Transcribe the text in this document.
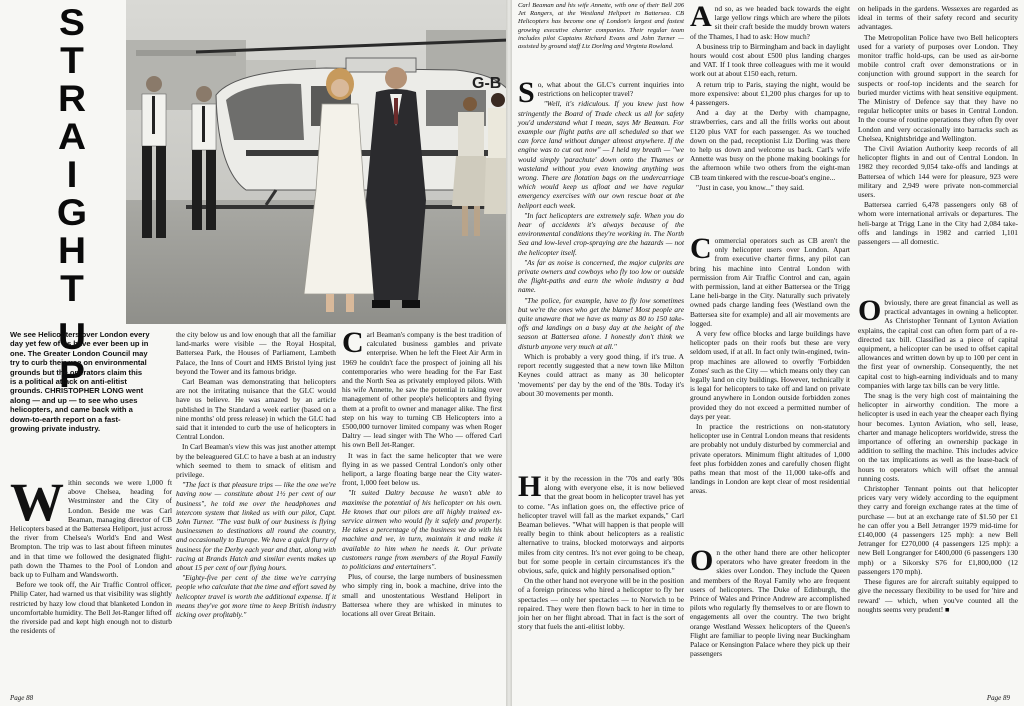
S
T
R
A
I
G
H
T
U
P
G-B
We see Helicopters over London every day yet few of us have ever been up in one. The Greater London Council may try to curb their use on environmental grounds but the operators claim this is a political attack on anti-elitist grounds. CHRISTOPHER LONG went along — and up — to see who uses helicopters, and came back with a down-to-earth report on a fast-growing private industry.
W ithin seconds we were 1,000 ft above Chelsea, heading for Westminster and the City of London. Beside me was Carl Beaman, managing director of CB Helicopters based at the Battersea Heliport, just across the river from Chelsea's World's End and West Brompton. The trip was to last about fifteen minutes and in that time we followed the designated flight-path down the Thames to the Pool of London and back up to Fulham and Wandsworth.

Before we took off, the Air Traffic Control officer, Philip Cater, had warned us that visibility was slightly restricted by hazy low cloud that blanketed London in uncomfortable humidity. The Bell Jet-Ranger lifted off the riverside pad and kept high enough not to disturb the residents of

the city below us and low enough that all the familiar land-marks were visible — the Royal Hospital, Battersea Park, the Houses of Parliament, Lambeth Palace, the Inns of Court and HMS Bristol lying just beyond the Tower and its famous bridge.

Carl Beaman was demonstrating that helicopters are not the irritating nuisance that the GLC would have us believe. He was amazed by an article published in The Standard a week earlier (based on a nine months' old press release) in which the GLC had said that it intended to curb the use of helicopters in Central London.

In Carl Beaman's view this was just another attempt by the beleaguered GLC to have a bash at an industry which seemed to them to smack of elitism and privilege.

"The fact is that pleasure trips — like the one we're having now — constitute about 1½ per cent of our business", he told me over the headphones and intercom system that linked us with our pilot, Capt. John Turner. "The vast bulk of our business is flying businessmen to destinations all round the country, and occasionally to Europe. We have a quick flurry of business for the Derby each year and that, along with racing at Brands Hatch and similar events makes up about 15 per cent of our flying hours.

"Eighty-five per cent of the time we're carrying people who calculate that the time and effort saved by helicopter travel is worth the additional expense. If it means they've got more time to keep British industry ticking over profitably."

C arl Beaman's company is the best tradition of calculated business gambles and private enterprise. When he left the Fleet Air Arm in 1969 he couldn't face the prospect of joining all his contemporaries who were heading for the Far East and the North Sea as privately employed pilots. With his wife Annette, he saw the potential in taking over management of other people's helicopters and flying them at a profit to owner and manager alike. The first step on his way to turning CB Helicopters into a £500,000 turnover limited company was when Roger Daltry — lead singer with The Who — offered Carl his own Bell Jet-Ranger.

It was in fact the same helicopter that we were flying in as we passed Central London's only other heliport, a large floating barge near the City water-front, 1,000 feet below us.

"It suited Daltry because he wasn't able to maximise the potential of his helicopter on his own. He knows that our pilots are all highly trained ex-service airmen who would fly it safely and properly. He takes a percentage of the business we do with his machine and we, in turn, maintain it and make it available to him when he needs it. Our private customers range from members of the Royal Family to politicians and entertainers".

Plus, of course, the large numbers of businessmen who simply ring in, book a machine, drive into the small and unostentatious Westland Heliport in Battersea where they are whisked in minutes to locations all over Great Britain.

Page 88
Carl Beaman and his wife Annette, with one of their Bell 206 Jet Rangers, at the Westland Heliport in Battersea. CB Helicopters has become one of London's largest and fastest growing executive charter companies. Their regular team includes pilot Captains Richard Evans and John Turner — assisted by ground staff Liz Dorling and Virginia Rowland.
S o, what about the GLC's current inquiries into restrictions on helicopter travel?

"Well, it's ridiculous. If you knew just how stringently the Board of Trade check us all for safety you'd understand what I mean, says Mr Beaman. For example our flight paths are all scheduled so that we can force land without danger almost anywhere. If the engine was to cut out now" — I held my breath — "we would simply 'parachute' down onto the Thames or wasteland without you even knowing anything was wrong. There are flotation bags on the undercarriage which would keep us afloat and we have regular emergency exercises with our own rescue boat at the heliport each week.

"In fact helicopters are extremely safe. When you do hear of accidents it's always because of the environmental conditions they're working in. The North Sea and low-level crop-spraying are the hazards — not the helicopter itself.

"As far as noise is concerned, the major culprits are private owners and cowboys who fly too low or outside the flight-paths and earn the whole industry a bad name.

"The police, for example, have to fly low sometimes but we're the ones who get the blame! Most people are quite unaware that we have as many as 80 to 150 take-offs and landings on a busy day at the height of the season at Battersea alone. I honestly don't think we disturb anyone very much at all."

Which is probably a very good thing, if it's true. A report recently suggested that a new town like Milton Keynes could attract as many as 30 helicopter 'movements' per day by the end of the '80s. Today it's about 30 movements per month.

H it by the recession in the '70s and early '80s along with everyone else, it is now believed that the great boom in helicopter travel has yet to come. "As inflation goes on, the effective price of helicopter travel will fall as the market expands," Carl Beaman believes. "What will happen is that people will really begin to think about helicopters as a realistic alternative to trains, blocked motorways and airports miles from city centres. It's not ever going to be cheap, but for some people in certain circumstances it's the obvious, safe, quick and highly personalised option."

On the other hand not everyone will be in the position of a foreign princess who hired a helicopter to fly her spectacles — only her spectacles — to Norwich to be repaired. They were then flown back to her in time to join her on her flight abroad. That in fact is the sort of story that fuels the anti-elitist lobby.

A nd so, as we headed back towards the eight large yellow rings which are where the pilots sit their craft beside the muddy brown waters of the Thames, I had to ask: How much?

A business trip to Birmingham and back in daylight hours would cost about £500 plus landing charges and VAT. If I took three colleagues with me it would work out at about £150 each, return.

A return trip to Paris, staying the night, would be more expensive: about £1,200 plus charges for up to 4 passengers.

And a day at the Derby with champagne, strawberries, cars and all the frills works out about £120 plus VAT for each passenger. As we touched down on the pad, receptionist Liz Dorling was there to help us down and welcome us back. Carl's wife Annette was busy on the phone making bookings for the afternoon while two others from the eight-man CB team tinkered with the rescue-boat's engine...

"Just in case, you know..." they said.

C ommercial operators such as CB aren't the only helicopter users over London. Apart from executive charter firms, any pilot can bring his machine into Central London with permission from Air Traffic Control and can, again with permission, land at either Battersea or the Trigg Lane heli-barge in the City. Naturally such privately owned pads charge landing fees (Westland own the Battersea site for example) and all air movements are logged.

A very few office blocks and large buildings have helicopter pads on their roofs but these are very seldom used, if at all. In fact only twin-engined, twin-prop machines are allowed to overfly 'Forbidden Zones' such as the City — which means only they can legally land on city buildings. However, technically it is legal for helicopters to take off and land on private ground anywhere in London outside forbidden zones provided they do not exceed a permitted number of days per year.

In practice the restrictions on non-statutory helicopter use in Central London means that residents are probably not unduly disturbed by commercial and private operators. Minimum flight altitudes of 1,000 feet plus forbidden zones and carefully chosen flight paths mean that most of the 11,000 take-offs and landings in London are kept clear of most residential areas.

O n the other hand there are other helicopter operators who have greater freedom in the skies over London. They include the Queen and members of the Royal Family who are frequent users of helicopters. The Duke of Edinburgh, the Prince of Wales and Prince Andrew are accomplished pilots who regularly fly themselves to or are flown to engagements all over the country. The two bright orange Westland Wessex helicopters of the Queen's Flight are familiar to people living near Buckingham Palace or Kensington Palace where they pick up their passengers

on helipads in the gardens. Wessexes are regarded as ideal in terms of their safety record and security advantages.

The Metropolitan Police have two Bell helicopters used for a variety of purposes over London. They monitor traffic hold-ups, can be used as air-borne mobile control craft over demonstrations or in conjunction with ground support in the search for suspects or roof-top incidents and the search for buried murder victims with heat sensitive equipment. The Ministry of Defence say that they have no regular helicopter units or bases in Central London. In the course of routine operations they often fly over London and very occasionally into barracks such as Chelsea, Knightsbridge and Wellington.

The Civil Aviation Authority keep records of all helicopter flights in and out of Central London. In 1982 they recorded 9,054 take-offs and landings at Battersea of which 144 were for pleasure, 923 were military and 2,949 were private non-commercial users.

Battersea carried 6,478 passengers only 68 of whom were international arrivals or departures. The heli-barge at Trigg Lane in the City had 2,084 take-offs and landings in 1982 and carried 1,101 passengers — all domestic.

O bviously, there are great financial as well as practical advantages in owning a helicopter. As Christopher Tennant of Lynton Aviation explains, the capital cost can often form part of a re-directed tax bill. Classified as a piece of capital equipment, a helicopter can be used to offset capital allowances and written down by up to 100 per cent in the first year of ownership. Consequently, the net capital cost to high-earning individuals and to many companies with large tax bills can be very little.

The snag is the very high cost of maintaining the helicopter in airworthy condition. The more a helicopter is used in each year the cheaper each flying hour becomes. Lynton Aviation, who sell, lease, charter and manage helicopters worldwide, stress the importance of offering an ownership package in addition to selling the machine. This includes advice on the tax implications as well as the lease-back of hours to operators which will offset the annual running costs.

Christopher Tennant points out that helicopter prices vary very widely according to the equipment they carry and foreign exchange rates at the time of purchase — but at an exchange rate of $1.50 per £1 he can offer you a Bell Jetranger 1979 mid-time for £140,000 (4 passengers 125 mph): a new Bell Jetranger for £270,000 (4 passengers 125 mph): a new Bell Longranger for £400,000 (6 passengers 130 mph) or a Sikorsky S76 for £1,800,000 (12 passengers 170 mph).

These figures are for aircraft suitably equipped to give the necessary flexibility to be used for 'hire and reward' — which, when you've counted all the noughts seems very prudent! ■

Page 89
